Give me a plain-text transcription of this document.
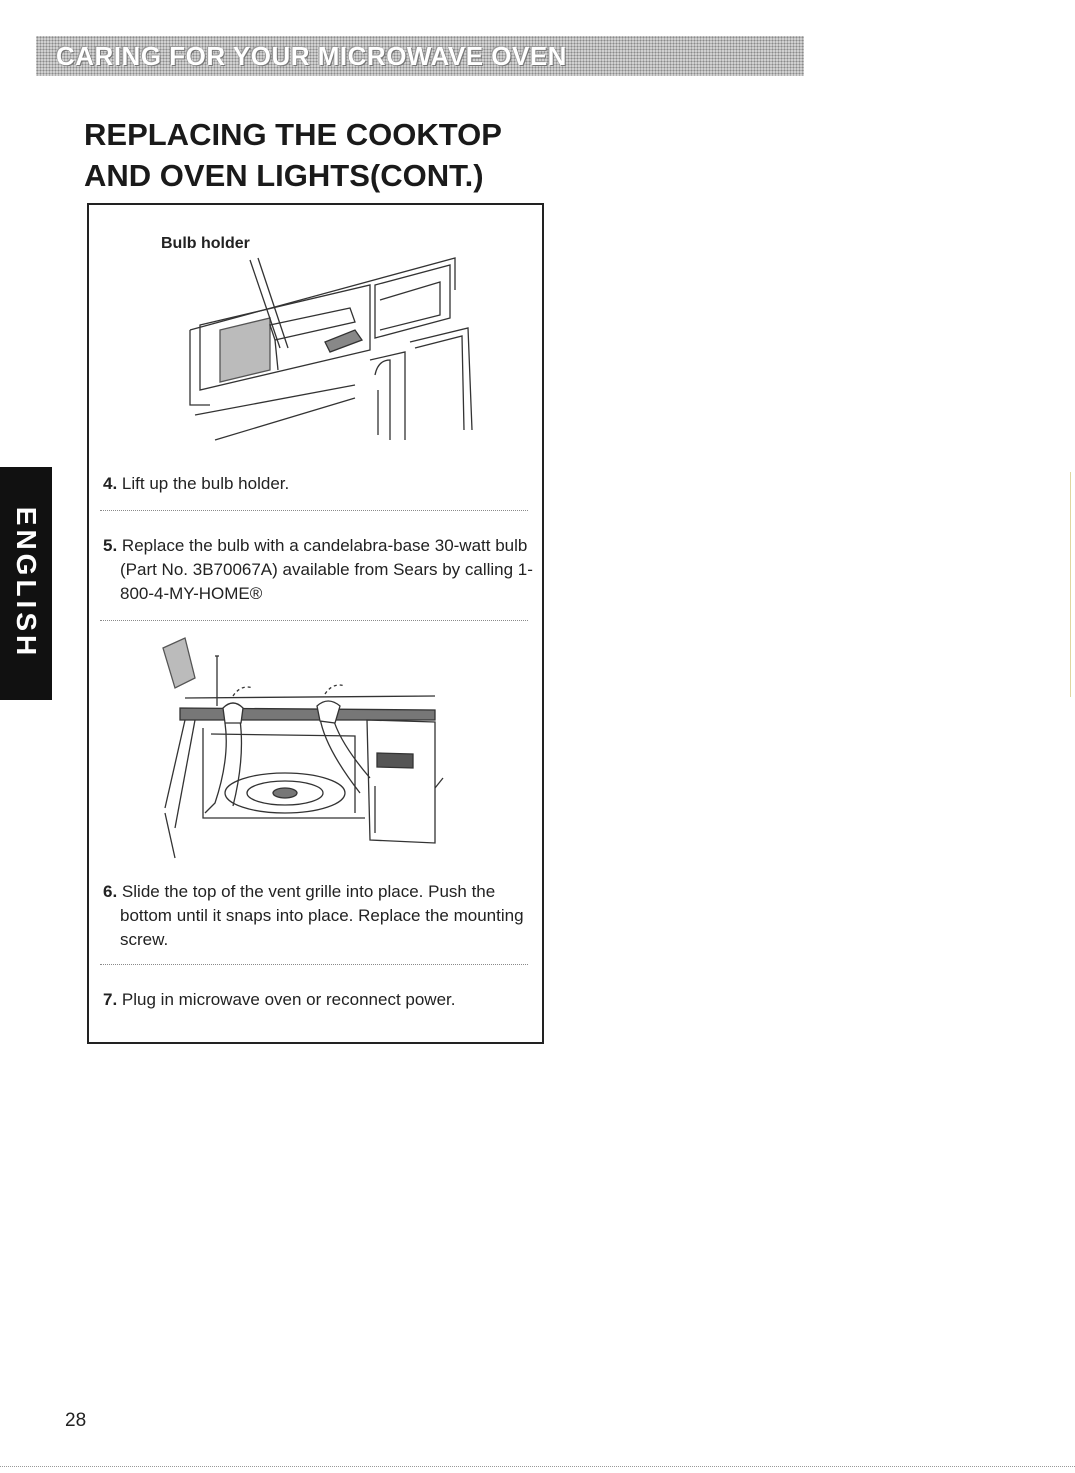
CARING FOR YOUR MICROWAVE OVEN
REPLACING THE COOKTOP
AND OVEN LIGHTS(CONT.)
Bulb holder
4. Lift up the bulb holder.
5. Replace the bulb with a candelabra-base 30-watt bulb (Part No. 3B70067A) available from Sears by calling 1-800-4-MY-HOME®
6. Slide the top of the vent grille into place. Push the bottom until it snaps into place. Replace the mounting screw.
7. Plug in microwave oven or reconnect power.
ENGLISH
28
